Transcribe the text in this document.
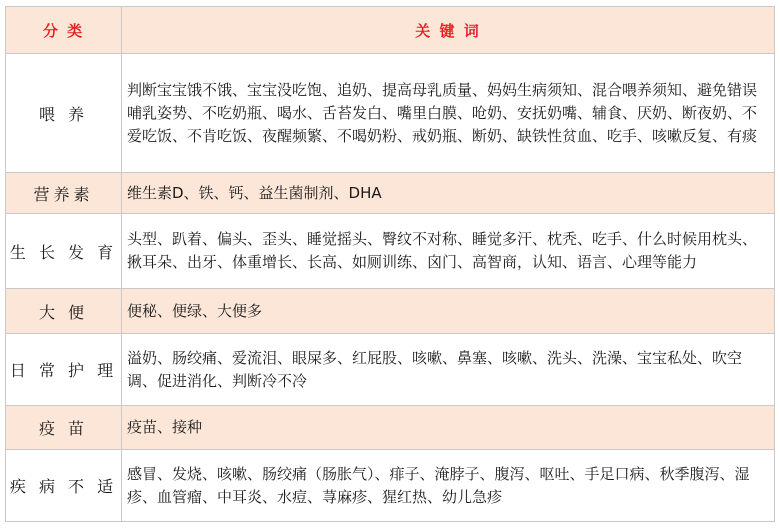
分 类	关 键 词
喂 养	判断宝宝饿不饿、宝宝没吃饱、追奶、提高母乳质量、妈妈生病须知、混合喂养须知、避免错误哺乳姿势、不吃奶瓶、喝水、舌苔发白、嘴里白膜、呛奶、安抚奶嘴、辅食、厌奶、断夜奶、不爱吃饭、不肯吃饭、夜醒频繁、不喝奶粉、戒奶瓶、断奶、缺铁性贫血、吃手、咳嗽反复、有痰
营养素	维生素D、铁、钙、益生菌制剂、DHA
生 长 发 育	头型、趴着、偏头、歪头、睡觉摇头、臀纹不对称、睡觉多汗、枕秃、吃手、什么时候用枕头、揪耳朵、出牙、体重增长、长高、如厕训练、囟门、高智商，认知、语言、心理等能力
大 便	便秘、便绿、大便多
日 常 护 理	溢奶、肠绞痛、爱流泪、眼屎多、红屁股、咳嗽、鼻塞、咳嗽、洗头、洗澡、宝宝私处、吹空调、促进消化、判断冷不冷
疫 苗	疫苗、接种
疾 病 不 适	感冒、发烧、咳嗽、肠绞痛（肠胀气）、痱子、淹脖子、腹泻、呕吐、手足口病、秋季腹泻、湿疹、血管瘤、中耳炎、水痘、荨麻疹、猩红热、幼儿急疹
